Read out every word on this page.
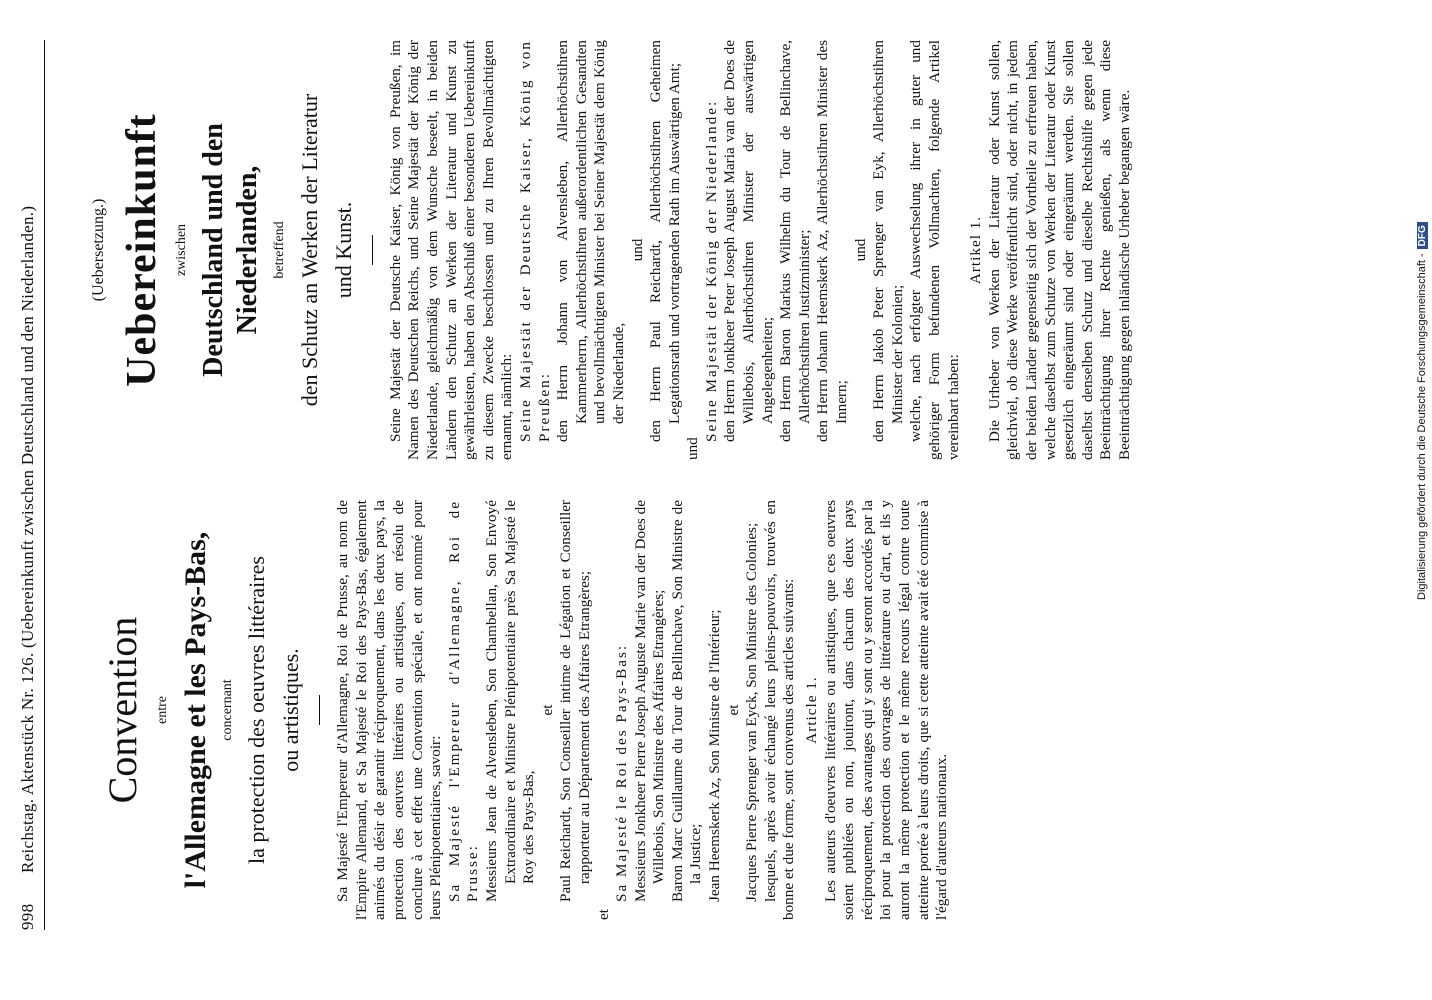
998 Reichstag. Aktenstück Nr. 126. (Uebereinkunft zwischen Deutschland und den Niederlanden.) Convention entre l'Allemagne et les Pays-Bas, concernant la protection des oeuvres littéraires ou artistiques. Sa Majesté l'Empereur d'Allemagne, Roi de Prusse, au nom de l'Empire Allemand, et Sa Majesté le Roi des Pays-Bas, également animés du désir de garantir réciproquement, dans les deux pays, la protection des oeuvres littéraires ou artistiques, ont résolu de conclure à cet effet une Convention spéciale, et ont nommé pour leurs Plénipotentiaires, savoir: Sa Majesté l'Empereur d'Allemagne, Roi de Prusse: Messieurs Jean de Alvensleben, Son Chambellan, Son Envoyé Extraordinaire et Ministre Plénipotentiaire près Sa Majesté le Roy des Pays-Bas,
et Paul Reichardt, Son Conseiller intime de Légation et Conseiller rapporteur au Département des Affaires Etrangères;
et
Sa Majesté le Roi des Pays-Bas: Messieurs Jonkheer Pierre Joseph Auguste Marie van der Does de Willebois, Son Ministre des Affaires Etrangères; Baron Marc Guillaume du Tour de Bellinchave, Son Ministre de la Justice; Jean Heemskerk Az, Son Ministre de l'Intérieur; et Jacques Pierre Sprenger van Eyck, Son Ministre des Colonies; lesquels, après avoir échangé leurs pleins-pouvoirs, trouvés en bonne et due forme, sont convenus des articles suivants: Article 1. Les auteurs d'oeuvres littéraires ou artistiques, que ces oeuvres soient publiées ou non, jouiront, dans chacun des deux pays réciproquement, des avantages qui y sont ou y seront accordés par la loi pour la protection des ouvrages de littérature ou d'art, et ils y auront la même protection et le même recours légal contre toute atteinte portée à leurs droits, que si cette atteinte avait été commise à l'égard d'auteurs nationaux.

(Uebersetzung.) Uebereinkunft zwischen Deutschland und den Niederlanden, betreffend den Schutz an Werken der Literatur und Kunst. Seine Majestät der Deutsche Kaiser, König von Preußen, im Namen des Deutschen Reichs, und Seine Majestät der König der Niederlande, gleichmäßig von dem Wunsche beseelt, in beiden Ländern den Schutz an Werken der Literatur und Kunst zu gewährleisten, haben den Abschluß einer besonderen Uebereinkunft zu diesem Zwecke beschlossen und zu Ihren Bevollmächtigten ernannt, nämlich: Seine Majestät der Deutsche Kaiser, König von Preußen: den Herrn Johann von Alvensleben, Allerhöchstihren Kammerherrn, Allerhöchstihren außerordentlichen Gesandten und bevollmächtigten Minister bei Seiner Majestät dem König der Niederlande,
und den Herrn Paul Reichardt, Allerhöchstihren Geheimen Legationsrath und vortragenden Rath im Auswärtigen Amt;
und
Seine Majestät der König der Niederlande: den Herrn Jonkheer Peter Joseph August Maria van der Does de Willebois, Allerhöchstihren Minister der auswärtigen Angelegenheiten; den Herrn Baron Markus Wilhelm du Tour de Bellinchave, Allerhöchstihren Justizminister; den Herrn Johann Heemskerk Az, Allerhöchstihren Minister des Innern;
und den Herrn Jakob Peter Sprenger van Eyk, Allerhöchstihren Minister der Kolonien; welche, nach erfolgter Auswechselung ihrer in guter und gehöriger Form befundenen Vollmachten, folgende Artikel vereinbart haben:

Artikel 1. Die Urheber von Werken der Literatur oder Kunst sollen, gleichviel, ob diese Werke veröffentlicht sind, oder nicht, in jedem der beiden Länder gegenseitig sich der Vortheile zu erfreuen haben, welche daselbst zum Schutze von Werken der Literatur oder Kunst gesetzlich eingeräumt sind oder eingeräumt werden. Sie sollen daselbst denselben Schutz und dieselbe Rechtshülfe gegen jede Beeinträchtigung ihrer Rechte genießen, als wenn diese Beeinträchtigung gegen inländische Urheber begangen wäre.	Digitalisierung gefördert durch die Deutsche Forschungsgemeinschaft -DFG
